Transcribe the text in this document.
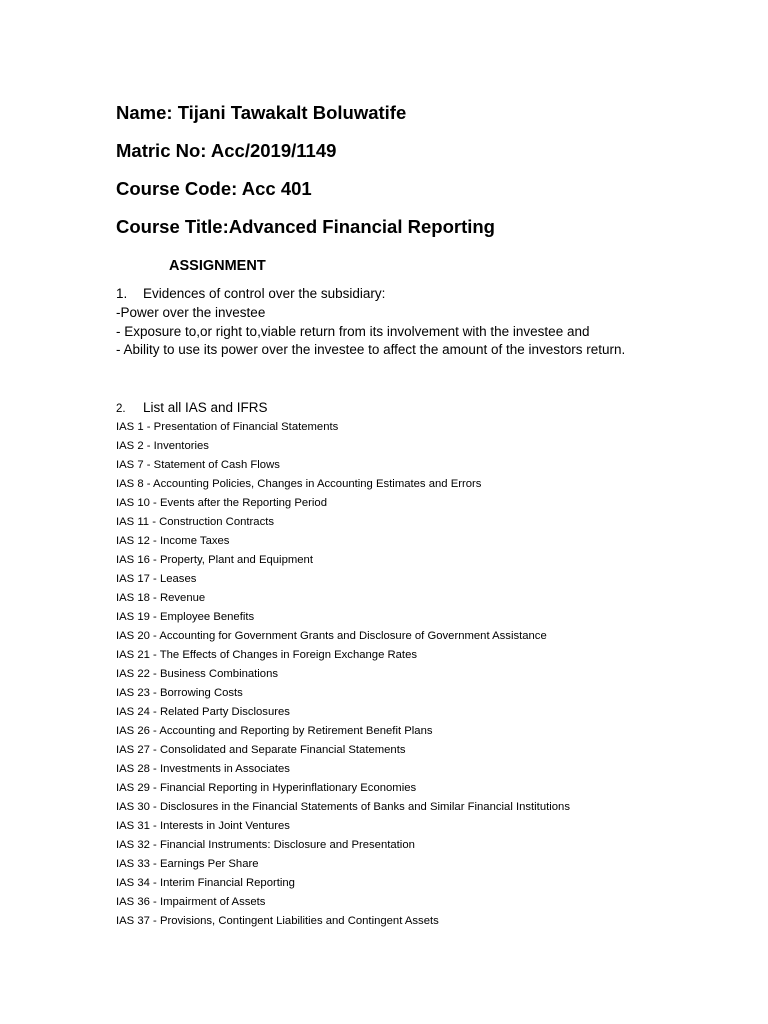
Name: Tijani Tawakalt Boluwatife
Matric No: Acc/2019/1149
Course Code: Acc 401
Course Title:Advanced Financial Reporting
ASSIGNMENT
1. Evidences of control over the subsidiary:
-Power over the investee
- Exposure to,or right to,viable return from its involvement with the investee and
- Ability to use its power over the investee to affect the amount of the investors return.
2. List all IAS and IFRS
IAS 1 - Presentation of Financial Statements
IAS 2 - Inventories
IAS 7 - Statement of Cash Flows
IAS 8 - Accounting Policies, Changes in Accounting Estimates and Errors
IAS 10 - Events after the Reporting Period
IAS 11 - Construction Contracts
IAS 12 - Income Taxes
IAS 16 - Property, Plant and Equipment
IAS 17 - Leases
IAS 18 - Revenue
IAS 19 - Employee Benefits
IAS 20 - Accounting for Government Grants and Disclosure of Government Assistance
IAS 21 - The Effects of Changes in Foreign Exchange Rates
IAS 22 - Business Combinations
IAS 23 - Borrowing Costs
IAS 24 - Related Party Disclosures
IAS 26 - Accounting and Reporting by Retirement Benefit Plans
IAS 27 - Consolidated and Separate Financial Statements
IAS 28 - Investments in Associates
IAS 29 - Financial Reporting in Hyperinflationary Economies
IAS 30 - Disclosures in the Financial Statements of Banks and Similar Financial Institutions
IAS 31 - Interests in Joint Ventures
IAS 32 - Financial Instruments: Disclosure and Presentation
IAS 33 - Earnings Per Share
IAS 34 - Interim Financial Reporting
IAS 36 - Impairment of Assets
IAS 37 - Provisions, Contingent Liabilities and Contingent Assets
